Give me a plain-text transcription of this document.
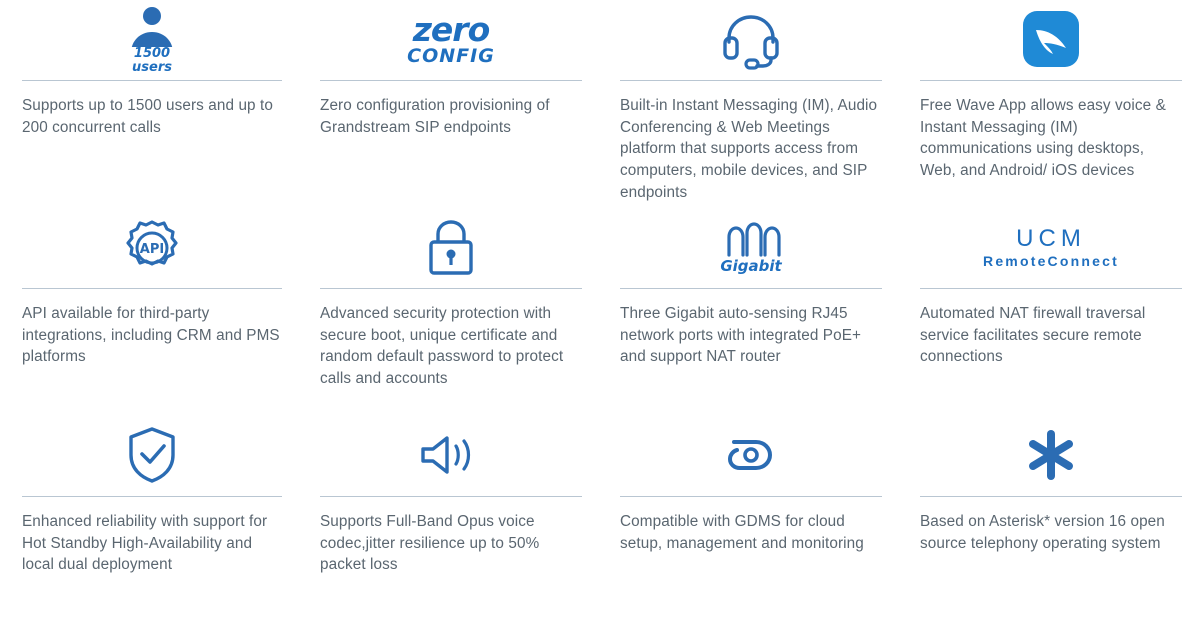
1500
users
Supports up to 1500 users and up to 200 concurrent calls
zero
CONFIG
Zero configuration provisioning of Grandstream SIP endpoints
Built-in Instant Messaging (IM), Audio Conferencing & Web Meetings platform that supports access from computers, mobile devices, and SIP endpoints
Free Wave App allows easy voice & Instant Messaging (IM) communications using desktops, Web, and Android/ iOS devices
API
API available for third-party integrations, including CRM and PMS platforms
Advanced security protection with secure boot, unique certificate and random default password to protect calls and accounts
Gigabit
Three Gigabit auto-sensing RJ45 network ports with integrated PoE+ and support NAT router
UCM
RemoteConnect
Automated NAT firewall traversal service facilitates secure remote connections
Enhanced reliability with support for Hot Standby High-Availability and local dual deployment
Supports Full-Band Opus voice codec,jitter resilience up to 50% packet loss
Compatible with GDMS for cloud setup, management and monitoring
Based on Asterisk* version 16 open source telephony operating system
